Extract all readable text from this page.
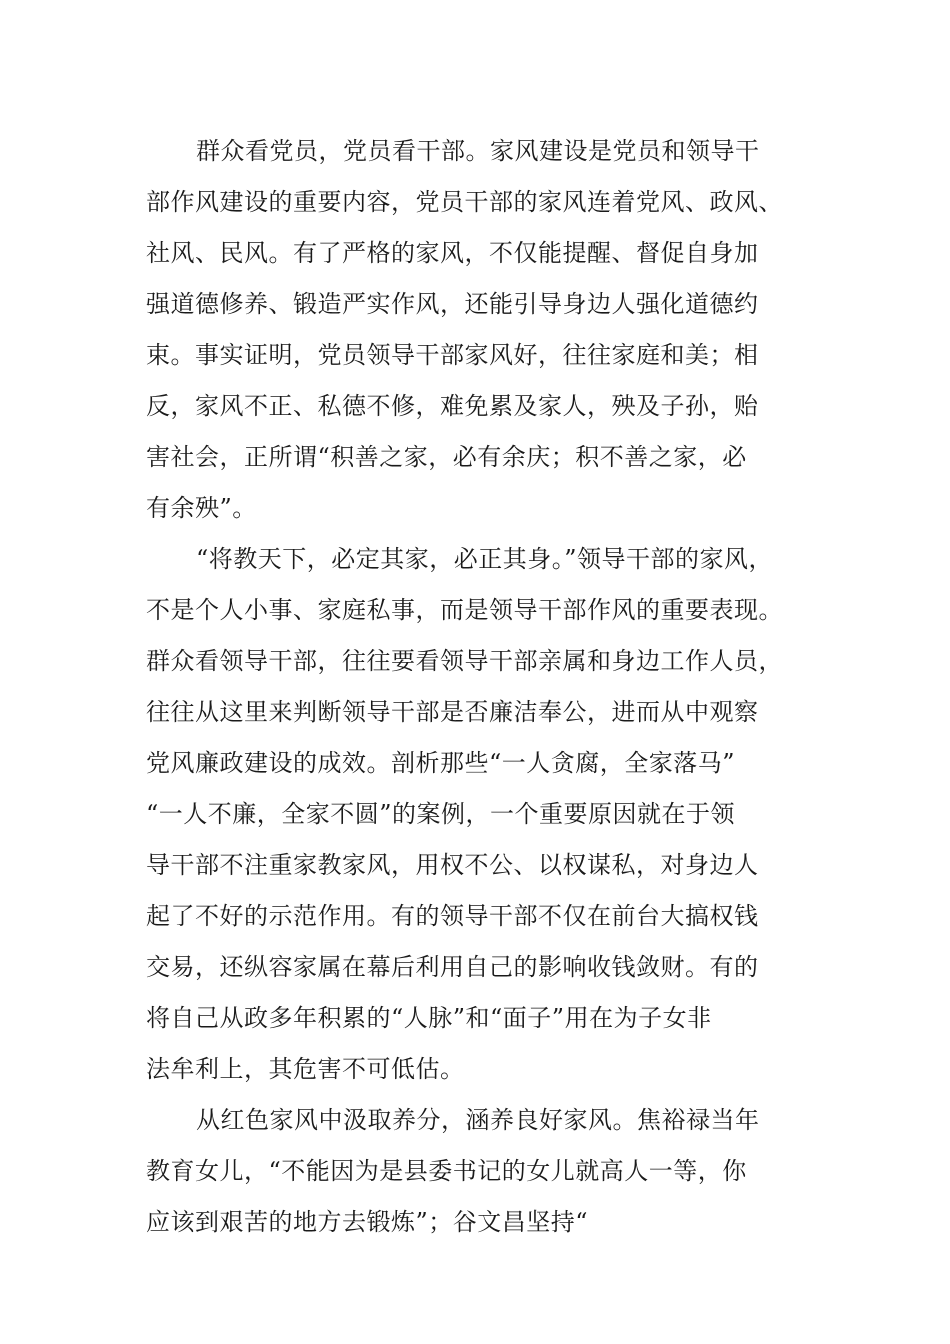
群众看党员，党员看干部。家风建设是党员和领导干
部作风建设的重要内容，党员干部的家风连着党风、政风、
社风、民风。有了严格的家风，不仅能提醒、督促自身加
强道德修养、锻造严实作风，还能引导身边人强化道德约
束。事实证明，党员领导干部家风好，往往家庭和美；相
反，家风不正、私德不修，难免累及家人，殃及子孙，贻
害社会，正所谓“积善之家，必有余庆；积不善之家，必
有余殃”。

“将教天下，必定其家，必正其身。”领导干部的家风，
不是个人小事、家庭私事，而是领导干部作风的重要表现。
群众看领导干部，往往要看领导干部亲属和身边工作人员，
往往从这里来判断领导干部是否廉洁奉公，进而从中观察
党风廉政建设的成效。剖析那些“一人贪腐，全家落马”
“一人不廉，全家不圆”的案例，一个重要原因就在于领
导干部不注重家教家风，用权不公、以权谋私，对身边人
起了不好的示范作用。有的领导干部不仅在前台大搞权钱
交易，还纵容家属在幕后利用自己的影响收钱敛财。有的
将自己从政多年积累的“人脉”和“面子”用在为子女非
法牟利上，其危害不可低估。

从红色家风中汲取养分，涵养良好家风。焦裕禄当年
教育女儿，“不能因为是县委书记的女儿就高人一等，你
应该到艰苦的地方去锻炼”；谷文昌坚持“
